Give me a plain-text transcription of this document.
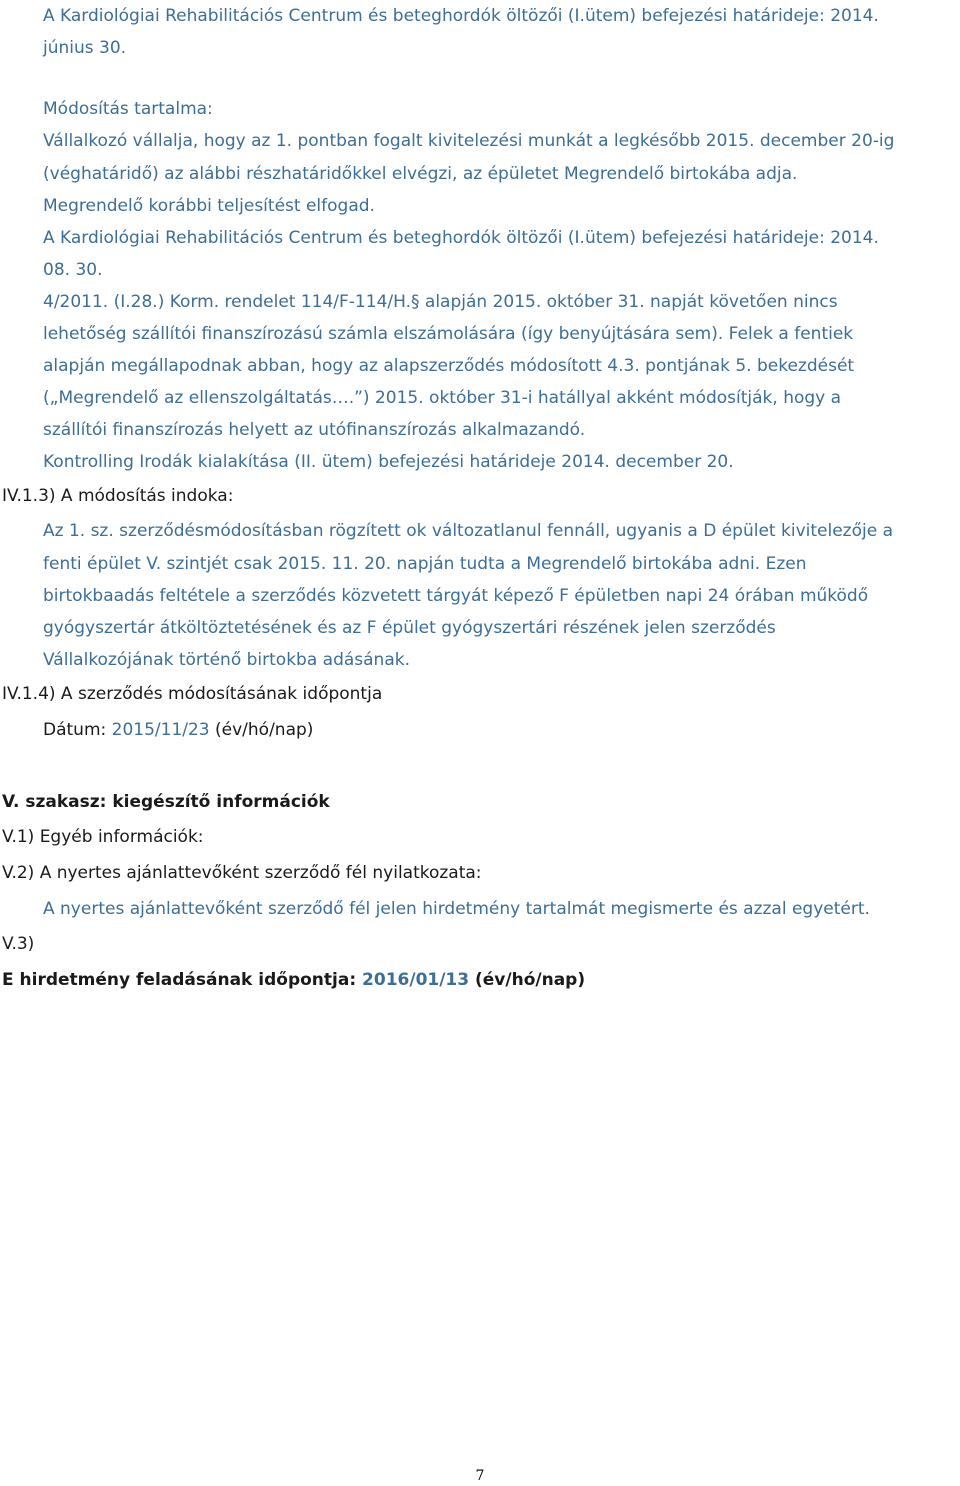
A Kardiológiai Rehabilitációs Centrum és beteghordók öltözői (I.ütem) befejezési határideje: 2014.
június 30.
Módosítás tartalma:
Vállalkozó vállalja, hogy az 1. pontban fogalt kivitelezési munkát a legkésőbb 2015. december 20-ig
(véghatáridő) az alábbi részhatáridőkkel elvégzi, az épületet Megrendelő birtokába adja.
Megrendelő korábbi teljesítést elfogad.
A Kardiológiai Rehabilitációs Centrum és beteghordók öltözői (I.ütem) befejezési határideje: 2014.
08. 30.
4/2011. (I.28.) Korm. rendelet 114/F-114/H.§ alapján 2015. október 31. napját követően nincs
lehetőség szállítói finanszírozású számla elszámolására (így benyújtására sem). Felek a fentiek
alapján megállapodnak abban, hogy az alapszerződés módosított 4.3. pontjának 5. bekezdését
(„Megrendelő az ellenszolgáltatás….”) 2015. október 31-i hatállyal akként módosítják, hogy a
szállítói finanszírozás helyett az utófinanszírozás alkalmazandó.
Kontrolling Irodák kialakítása (II. ütem) befejezési határideje 2014. december 20.
IV.1.3) A módosítás indoka:
Az 1. sz. szerződésmódosításban rögzített ok változatlanul fennáll, ugyanis a D épület kivitelezője a
fenti épület V. szintjét csak 2015. 11. 20. napján tudta a Megrendelő birtokába adni. Ezen
birtokbaadás feltétele a szerződés közvetett tárgyát képező F épületben napi 24 órában működő
gyógyszertár átköltöztetésének és az F épület gyógyszertári részének jelen szerződés
Vállalkozójának történő birtokba adásának.
IV.1.4) A szerződés módosításának időpontja
Dátum: 2015/11/23 (év/hó/nap)
V. szakasz: kiegészítő információk
V.1) Egyéb információk:
V.2) A nyertes ajánlattevőként szerződő fél nyilatkozata:
A nyertes ajánlattevőként szerződő fél jelen hirdetmény tartalmát megismerte és azzal egyetért.
V.3)
E hirdetmény feladásának időpontja: 2016/01/13 (év/hó/nap)
7
